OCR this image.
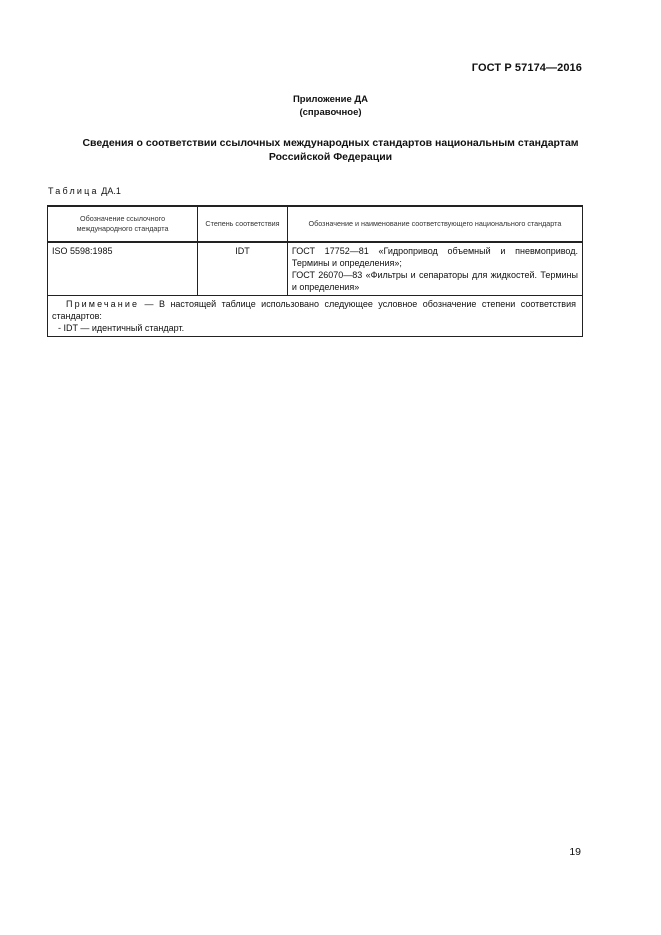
ГОСТ Р 57174—2016
Приложение ДА
(справочное)
Сведения о соответствии ссылочных международных стандартов национальным стандартам
Российской Федерации
Таблица ДА.1
Обозначение ссылочного международного стандарта	Степень соответствия	Обозначение и наименование соответствующего национального стандарта
ISO 5598:1985	IDT	ГОСТ 17752—81 «Гидропривод объемный и пневмопривод. Термины и определения»;
ГОСТ 26070—83 «Фильтры и сепараторы для жидкостей. Термины и определения»

Примечание — В настоящей таблице использовано следующее условное обозначение степени соответствия стандартов:
- IDT — идентичный стандарт.		
19
